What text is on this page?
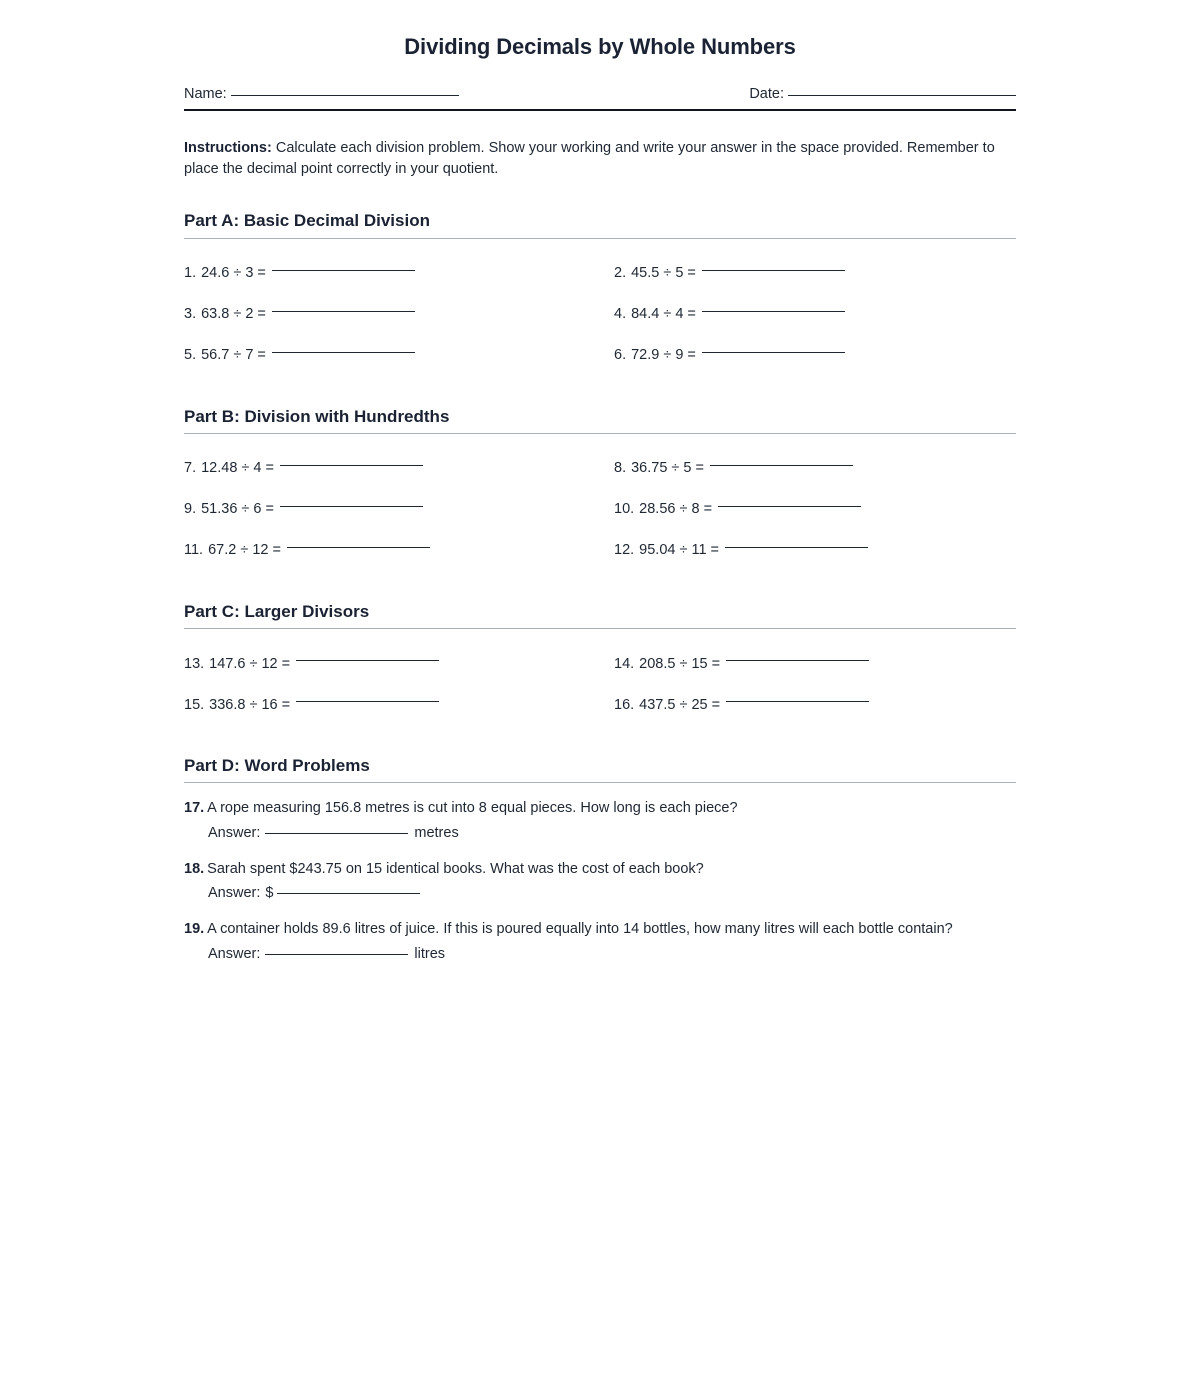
Dividing Decimals by Whole Numbers
Name:	Date:

Instructions: Calculate each division problem. Show your working and write your answer in the space provided. Remember to place the decimal point correctly in your quotient.

Part A: Basic Decimal Division
1. 24.6 ÷ 3 =	2. 45.5 ÷ 5 =
3. 63.8 ÷ 2 =	4. 84.4 ÷ 4 =
5. 56.7 ÷ 7 =	6. 72.9 ÷ 9 =
Part B: Division with Hundredths
7. 12.48 ÷ 4 =	8. 36.75 ÷ 5 =
9. 51.36 ÷ 6 =	10. 28.56 ÷ 8 =
11. 67.2 ÷ 12 =	12. 95.04 ÷ 11 =
Part C: Larger Divisors
13. 147.6 ÷ 12 =	14. 208.5 ÷ 15 =
15. 336.8 ÷ 16 =	16. 437.5 ÷ 25 =
Part D: Word Problems
17. A rope measuring 156.8 metres is cut into 8 equal pieces. How long is each piece?
Answer:	metres
18. Sarah spent $243.75 on 15 identical books. What was the cost of each book?
Answer: $
19. A container holds 89.6 litres of juice. If this is poured equally into 14 bottles, how many litres will each bottle contain?
Answer:	litres
